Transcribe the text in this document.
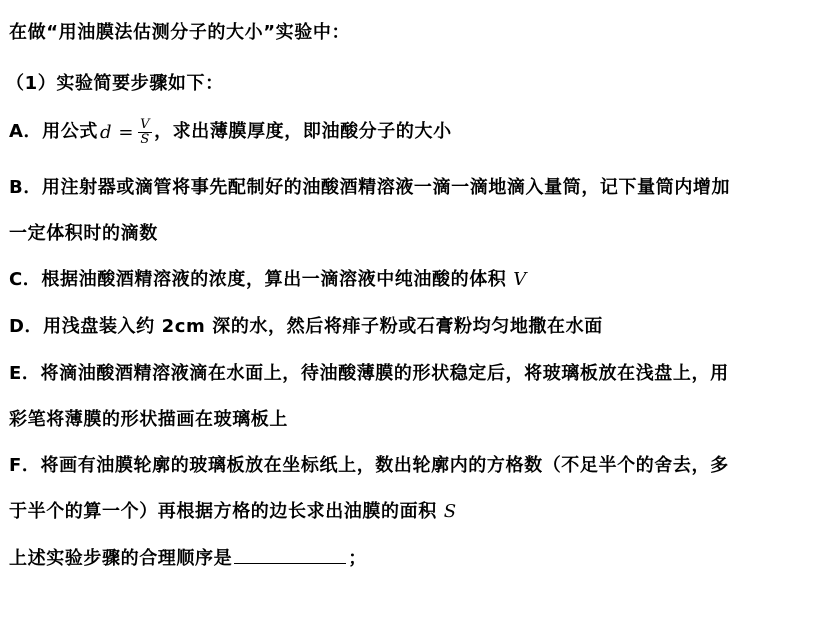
在做“用油膜法估测分子的大小”实验中：
（1）实验简要步骤如下：
A．用公式 $d = \frac{V}{S}$ ，求出薄膜厚度，即油酸分子的大小
B．用注射器或滴管将事先配制好的油酸酒精溶液一滴一滴地滴入量筒，记下量筒内增加
一定体积时的滴数
C．根据油酸酒精溶液的浓度，算出一滴溶液中纯油酸的体积 V
D．用浅盘装入约 2cm 深的水，然后将痱子粉或石膏粉均匀地撒在水面
E．将滴油酸酒精溶液滴在水面上，待油酸薄膜的形状稳定后，将玻璃板放在浅盘上，用
彩笔将薄膜的形状描画在玻璃板上
F．将画有油膜轮廓的玻璃板放在坐标纸上，数出轮廓内的方格数（不足半个的舍去，多
于半个的算一个）再根据方格的边长求出油膜的面积 S
上述实验步骤的合理顺序是	；
